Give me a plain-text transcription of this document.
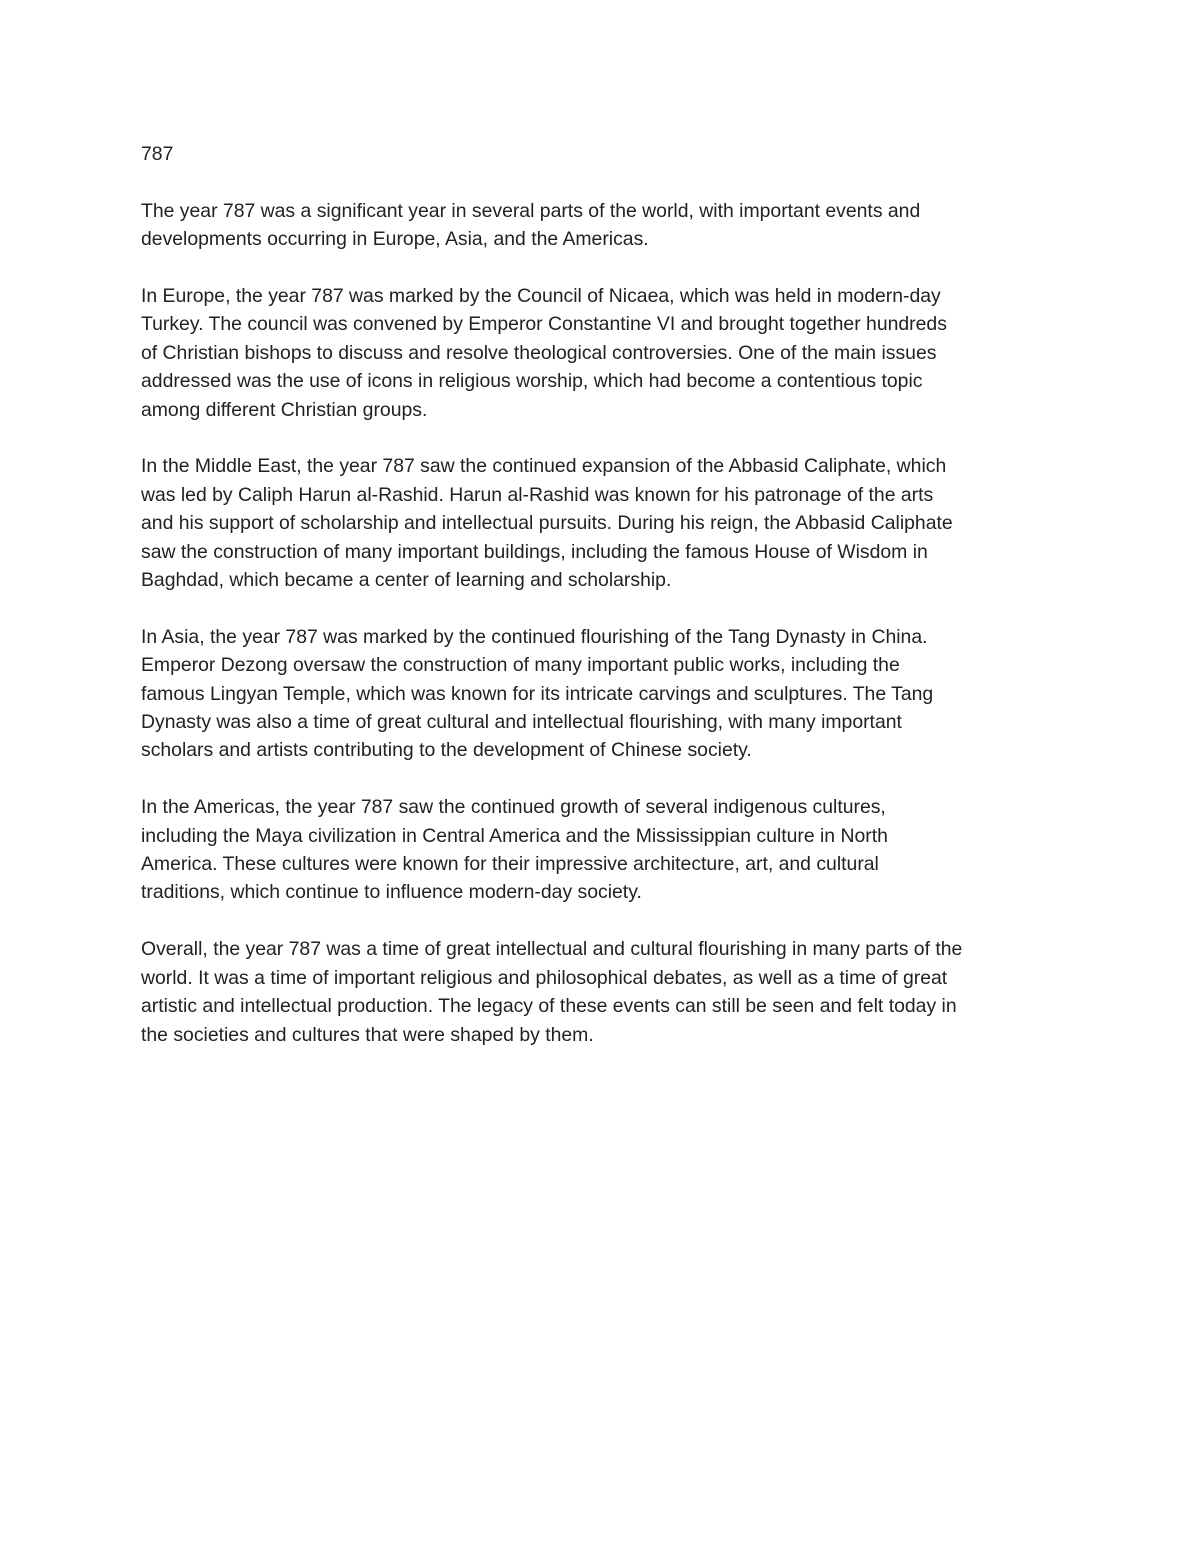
787
The year 787 was a significant year in several parts of the world, with important events and
developments occurring in Europe, Asia, and the Americas.
In Europe, the year 787 was marked by the Council of Nicaea, which was held in modern-day
Turkey. The council was convened by Emperor Constantine VI and brought together hundreds
of Christian bishops to discuss and resolve theological controversies. One of the main issues
addressed was the use of icons in religious worship, which had become a contentious topic
among different Christian groups.
In the Middle East, the year 787 saw the continued expansion of the Abbasid Caliphate, which
was led by Caliph Harun al-Rashid. Harun al-Rashid was known for his patronage of the arts
and his support of scholarship and intellectual pursuits. During his reign, the Abbasid Caliphate
saw the construction of many important buildings, including the famous House of Wisdom in
Baghdad, which became a center of learning and scholarship.
In Asia, the year 787 was marked by the continued flourishing of the Tang Dynasty in China.
Emperor Dezong oversaw the construction of many important public works, including the
famous Lingyan Temple, which was known for its intricate carvings and sculptures. The Tang
Dynasty was also a time of great cultural and intellectual flourishing, with many important
scholars and artists contributing to the development of Chinese society.
In the Americas, the year 787 saw the continued growth of several indigenous cultures,
including the Maya civilization in Central America and the Mississippian culture in North
America. These cultures were known for their impressive architecture, art, and cultural
traditions, which continue to influence modern-day society.
Overall, the year 787 was a time of great intellectual and cultural flourishing in many parts of the
world. It was a time of important religious and philosophical debates, as well as a time of great
artistic and intellectual production. The legacy of these events can still be seen and felt today in
the societies and cultures that were shaped by them.
